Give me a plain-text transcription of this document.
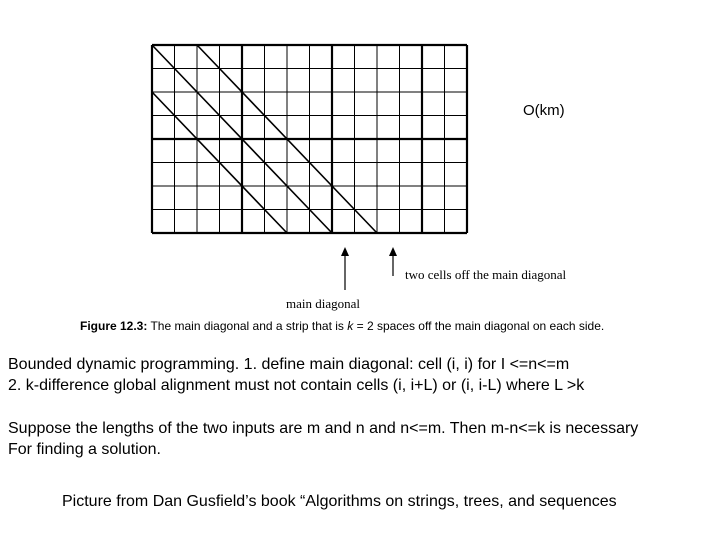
main diagonal
two cells off the main diagonal
Figure 12.3: The main diagonal and a strip that is k = 2 spaces off the main diagonal on each side.
O(km)
Bounded dynamic programming. 1. define main diagonal: cell (i, i) for I <=n<=m
2. k-difference global alignment must not contain cells (i, i+L) or (i, i-L) where L >k
Suppose the lengths of the two inputs are m and n and n<=m. Then m-n<=k is necessary
For finding a solution.
Picture from Dan Gusfield’s book “Algorithms on strings, trees, and sequences
